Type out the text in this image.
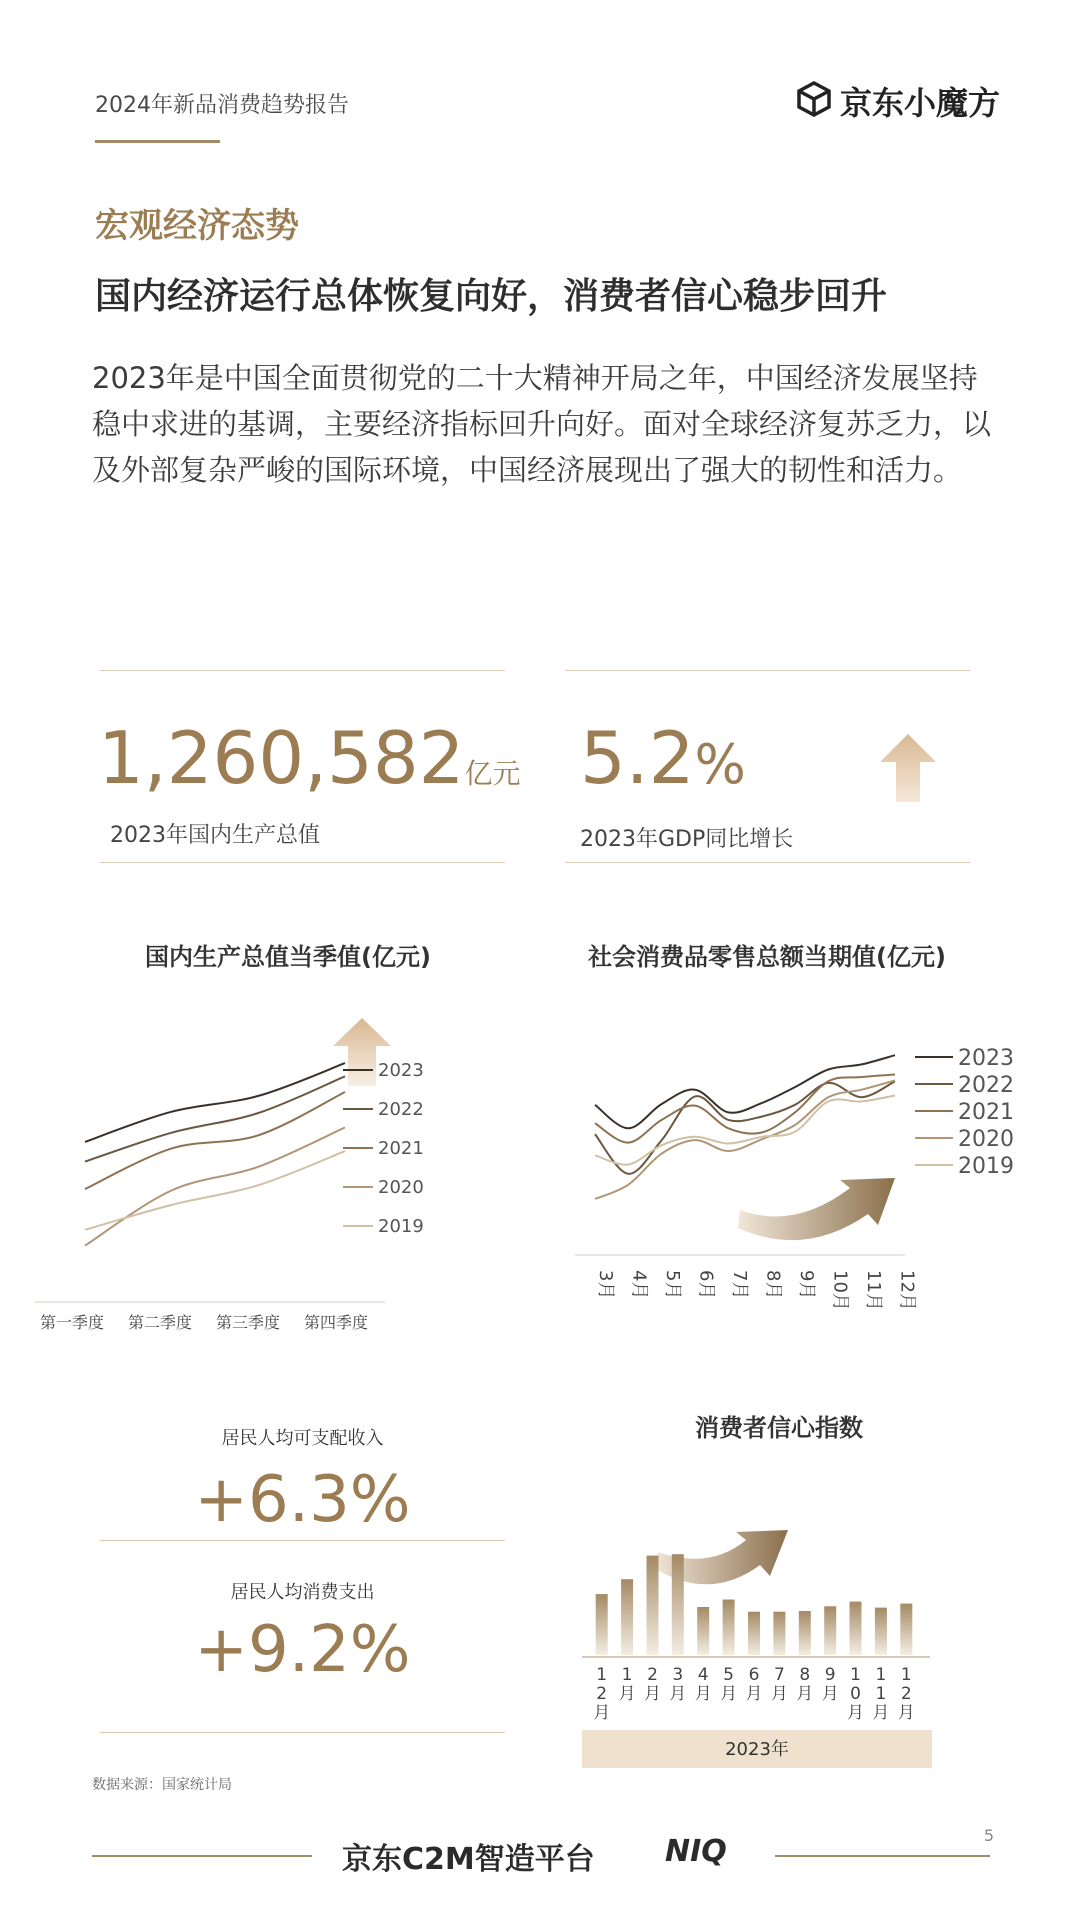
2024年新品消费趋势报告	京东小魔方
宏观经济态势
国内经济运行总体恢复向好，消费者信心稳步回升
2023年是中国全面贯彻党的二十大精神开局之年，中国经济发展坚持稳中求进的基调，主要经济指标回升向好。面对全球经济复苏乏力，以及外部复杂严峻的国际环境，中国经济展现出了强大的韧性和活力。
1,260,582亿元
2023年国内生产总值
5.2%
2023年GDP同比增长
国内生产总值当季值(亿元)
2023
2022
2021
2020
2019
第一季度 第二季度 第三季度 第四季度
社会消费品零售总额当期值(亿元)
2023
2022
2021
2020
2019
3月 4月 5月 6月 7月 8月 9月 10月 11月 12月
居民人均可支配收入
+6.3%
居民人均消费支出
+9.2%
消费者信心指数
1 2 月
1 月
2 月
3 月
4 月
5 月
6 月
7 月
8 月
9 月
1 0 月
1 1 月
1 2 月
2023年
数据来源：国家统计局
京东C2M智造平台 NIQ	5
